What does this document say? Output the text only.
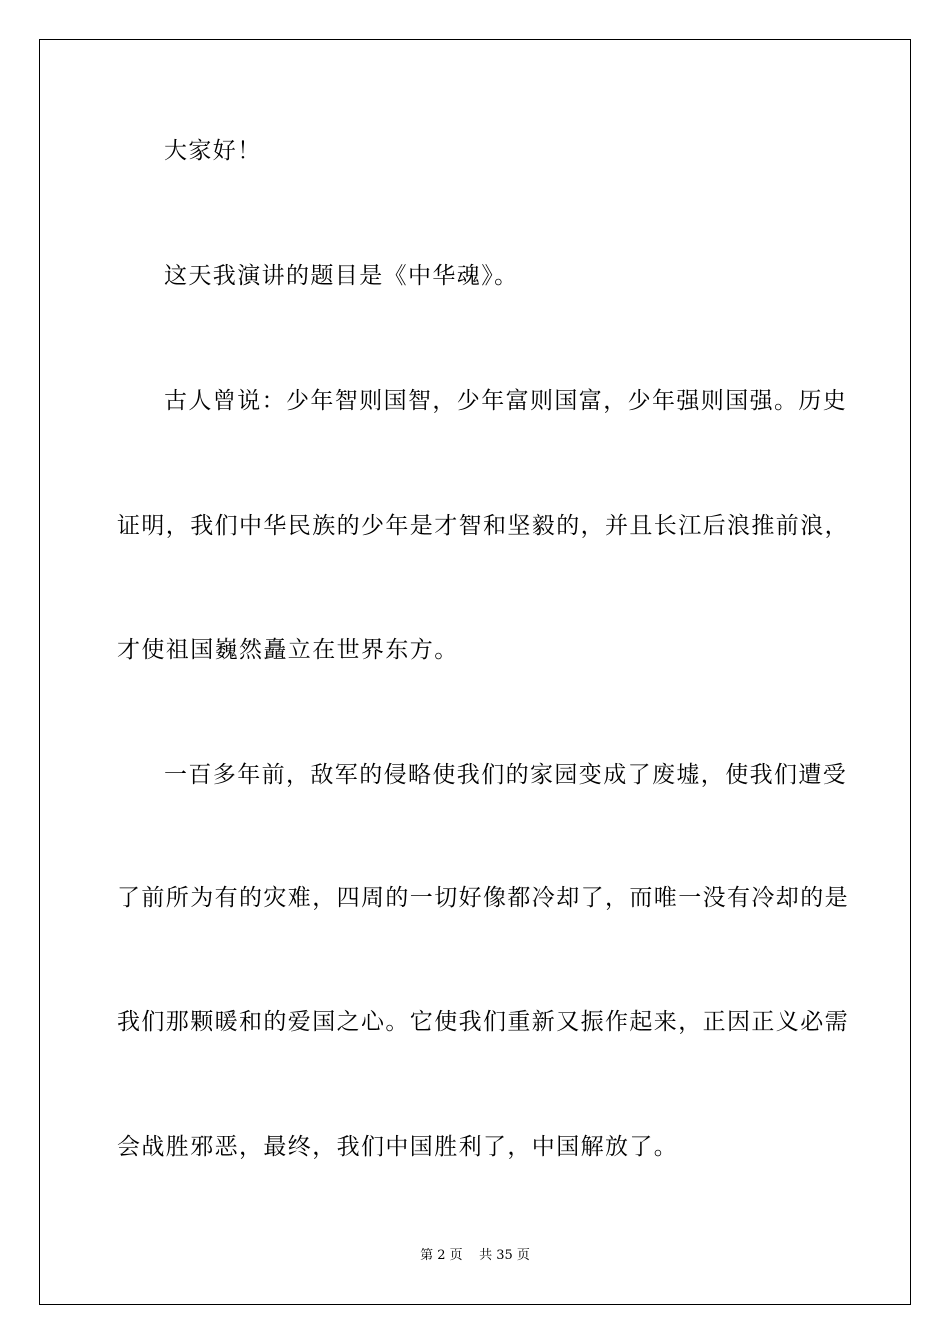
大家好！
这天我演讲的题目是《中华魂》。
古人曾说：少年智则国智，少年富则国富，少年强则国强。历史
证明，我们中华民族的少年是才智和坚毅的，并且长江后浪推前浪，
才使祖国巍然矗立在世界东方。
一百多年前，敌军的侵略使我们的家园变成了废墟，使我们遭受
了前所为有的灾难，四周的一切好像都冷却了，而唯一没有冷却的是
我们那颗暖和的爱国之心。它使我们重新又振作起来，正因正义必需
会战胜邪恶，最终，我们中国胜利了，中国解放了。
第 2 页    共 35 页
